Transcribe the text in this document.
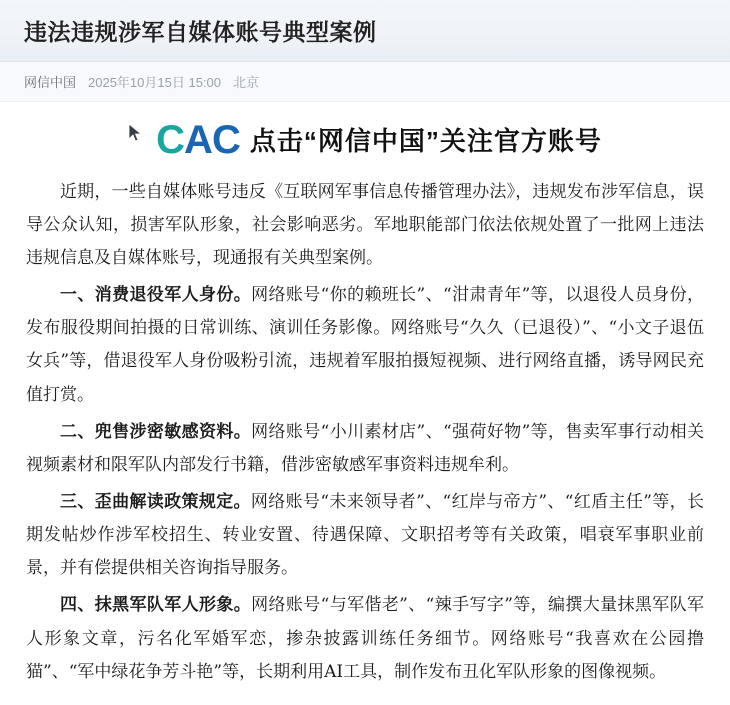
违法违规涉军自媒体账号典型案例
网信中国 2025年10月15日 15:00 北京
C A C 点击“网信中国”关注官方账号

近期，一些自媒体账号违反《互联网军事信息传播管理办法》，违规发布涉军信息，误导公众认知，损害军队形象，社会影响恶劣。军地职能部门依法依规处置了一批网上违法违规信息及自媒体账号，现通报有关典型案例。

一、消费退役军人身份。网络账号“你的赖班长”、“泔肃青年”等，以退役人员身份，发布服役期间拍摄的日常训练、演训任务影像。网络账号“久久（已退役）”、“小文子退伍女兵”等，借退役军人身份吸粉引流，违规着军服拍摄短视频、进行网络直播，诱导网民充值打赏。

二、兜售涉密敏感资料。网络账号“小川素材店”、“强荷好物”等，售卖军事行动相关视频素材和限军队内部发行书籍，借涉密敏感军事资料违规牟利。

三、歪曲解读政策规定。网络账号“未来领导者”、“红岸与帝方”、“红盾主任”等，长期发帖炒作涉军校招生、转业安置、待遇保障、文职招考等有关政策，唱衰军事职业前景，并有偿提供相关咨询指导服务。

四、抹黑军队军人形象。网络账号“与军偕老”、“辣手写字”等，编撰大量抹黑军队军人形象文章，污名化军婚军恋，掺杂披露训练任务细节。网络账号“我喜欢在公园撸猫”、“军中绿花争芳斗艳”等，长期利用AI工具，制作发布丑化军队形象的图像视频。
